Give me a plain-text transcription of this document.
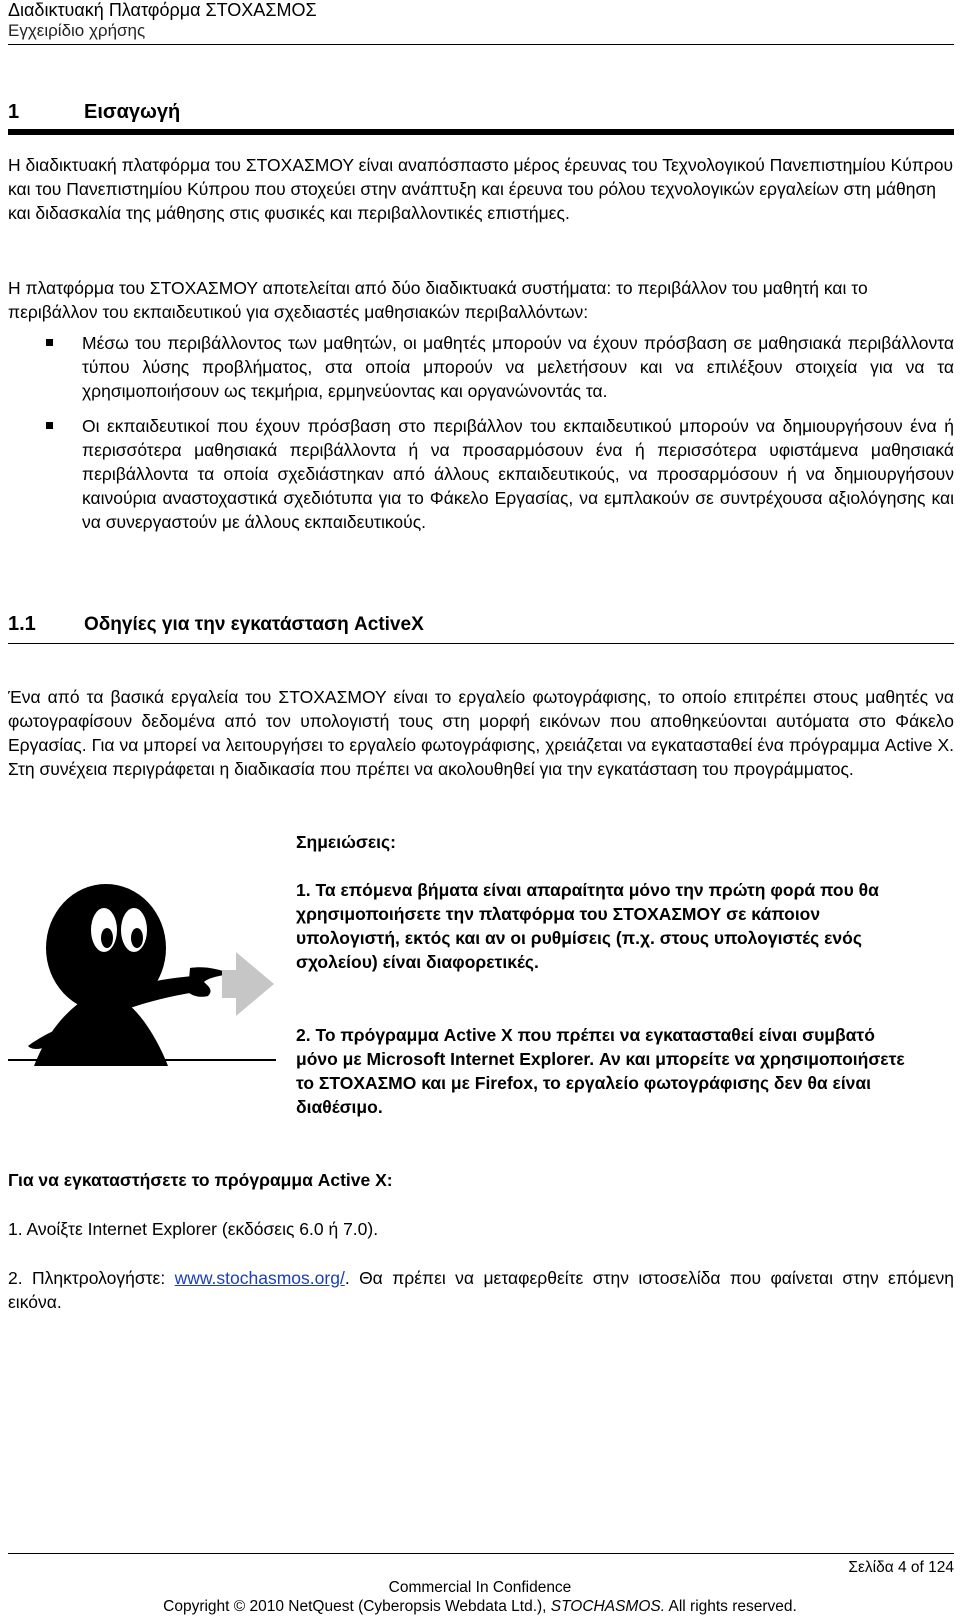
Διαδικτυακή Πλατφόρμα ΣΤΟΧΑΣΜΟΣ
Εγχειρίδιο χρήσης
1	Εισαγωγή
Η διαδικτυακή πλατφόρμα του ΣΤΟΧΑΣΜΟΥ είναι αναπόσπαστο μέρος έρευνας του Τεχνολογικού Πανεπιστημίου Κύπρου και του Πανεπιστημίου Κύπρου που στοχεύει στην ανάπτυξη και έρευνα του ρόλου τεχνολογικών εργαλείων στη μάθηση και διδασκαλία της μάθησης στις φυσικές και περιβαλλοντικές επιστήμες.
Η πλατφόρμα του ΣΤΟΧΑΣΜΟΥ αποτελείται από δύο διαδικτυακά συστήματα: το περιβάλλον του μαθητή και το περιβάλλον του εκπαιδευτικού για σχεδιαστές μαθησιακών περιβαλλόντων:
Μέσω του περιβάλλοντος των μαθητών, οι μαθητές μπορούν να έχουν πρόσβαση σε μαθησιακά περιβάλλοντα τύπου λύσης προβλήματος, στα οποία μπορούν να μελετήσουν και να επιλέξουν στοιχεία για να τα χρησιμοποιήσουν ως τεκμήρια, ερμηνεύοντας και οργανώνοντάς τα.
Οι εκπαιδευτικοί που έχουν πρόσβαση στο περιβάλλον του εκπαιδευτικού μπορούν να δημιουργήσουν ένα ή περισσότερα μαθησιακά περιβάλλοντα ή να προσαρμόσουν ένα ή περισσότερα υφιστάμενα μαθησιακά περιβάλλοντα τα οποία σχεδιάστηκαν από άλλους εκπαιδευτικούς, να προσαρμόσουν ή να δημιουργήσουν καινούρια αναστοχαστικά σχεδιότυπα για το Φάκελο Εργασίας, να εμπλακούν σε συντρέχουσα αξιολόγησης και να συνεργαστούν με άλλους εκπαιδευτικούς.
1.1	Οδηγίες για την εγκατάσταση ActiveX
Ένα από τα βασικά εργαλεία του ΣΤΟΧΑΣΜΟΥ είναι το εργαλείο φωτογράφισης, το οποίο επιτρέπει στους μαθητές να φωτογραφίσουν δεδομένα από τον υπολογιστή τους στη μορφή εικόνων που αποθηκεύονται αυτόματα στο Φάκελο Εργασίας. Για να μπορεί να λειτουργήσει το εργαλείο φωτογράφισης, χρειάζεται να εγκατασταθεί ένα πρόγραμμα Active X. Στη συνέχεια περιγράφεται η διαδικασία που πρέπει να ακολουθηθεί για την εγκατάσταση του προγράμματος.

Σημειώσεις:

1. Τα επόμενα βήματα είναι απαραίτητα μόνο την πρώτη φορά που θα χρησιμοποιήσετε την πλατφόρμα του ΣΤΟΧΑΣΜΟΥ σε κάποιον υπολογιστή, εκτός και αν οι ρυθμίσεις (π.χ. στους υπολογιστές ενός σχολείου) είναι διαφορετικές.
2. Το πρόγραμμα Active X που πρέπει να εγκατασταθεί είναι συμβατό μόνο με Microsoft Internet Explorer. Αν και μπορείτε να χρησιμοποιήσετε το ΣΤΟΧΑΣΜΟ και με Firefox, το εργαλείο φωτογράφισης δεν θα είναι διαθέσιμο.
Για να εγκαταστήσετε το πρόγραμμα Active X:
1. Ανοίξτε Internet Explorer (εκδόσεις 6.0 ή 7.0).
2. Πληκτρολογήστε: www.stochasmos.org/. Θα πρέπει να μεταφερθείτε στην ιστοσελίδα που φαίνεται στην επόμενη εικόνα.
Σελίδα 4 of 124
Commercial In Confidence
Copyright © 2010 NetQuest (Cyberopsis Webdata Ltd.), STOCHASMOS. All rights reserved.
